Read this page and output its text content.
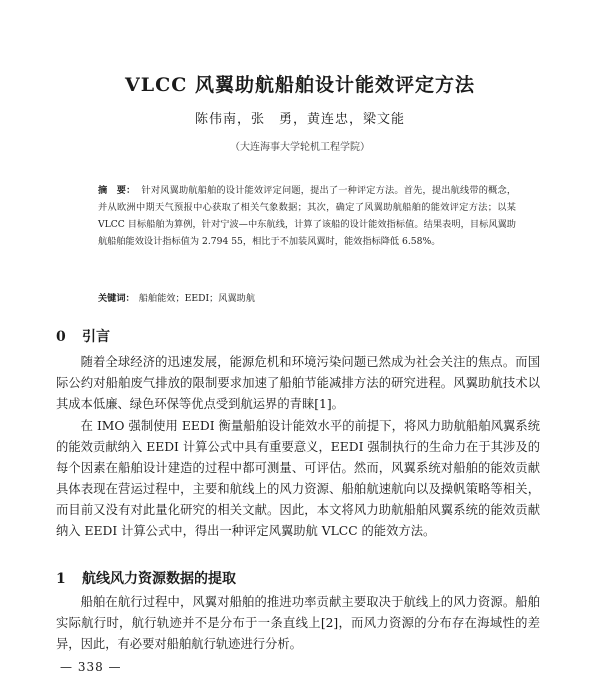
VLCC 风翼助航船舶设计能效评定方法
陈伟南，张　勇，黄连忠，梁文能
（大连海事大学轮机工程学院）
摘　要： 针对风翼助航船舶的设计能效评定问题，提出了一种评定方法。首先，提出航线带的概念，并从欧洲中期天气预报中心获取了相关气象数据；其次，确定了风翼助航船舶的能效评定方法；以某 VLCC 目标船舶为算例，针对宁波—中东航线，计算了该船的设计能效指标值。结果表明，目标风翼助航船舶能效设计指标值为 2.794 55，相比于不加装风翼时，能效指标降低 6.58%。
关键词： 船舶能效；EEDI；风翼助航
0 引言

随着全球经济的迅速发展，能源危机和环境污染问题已然成为社会关注的焦点。而国际公约对船舶废气排放的限制要求加速了船舶节能减排方法的研究进程。风翼助航技术以其成本低廉、绿色环保等优点受到航运界的青睐[1]。

在 IMO 强制使用 EEDI 衡量船舶设计能效水平的前提下，将风力助航船舶风翼系统的能效贡献纳入 EEDI 计算公式中具有重要意义，EEDI 强制执行的生命力在于其涉及的每个因素在船舶设计建造的过程中都可测量、可评估。然而，风翼系统对船舶的能效贡献具体表现在营运过程中，主要和航线上的风力资源、船舶航速航向以及操帆策略等相关，而目前又没有对此量化研究的相关文献。因此，本文将风力助航船舶风翼系统的能效贡献纳入 EEDI 计算公式中，得出一种评定风翼助航 VLCC 的能效方法。

1 航线风力资源数据的提取

船舶在航行过程中，风翼对船舶的推进功率贡献主要取决于航线上的风力资源。船舶实际航行时，航行轨迹并不是分布于一条直线上[2]，而风力资源的分布存在海域性的差异，因此，有必要对船舶航行轨迹进行分析。

— 338 —
